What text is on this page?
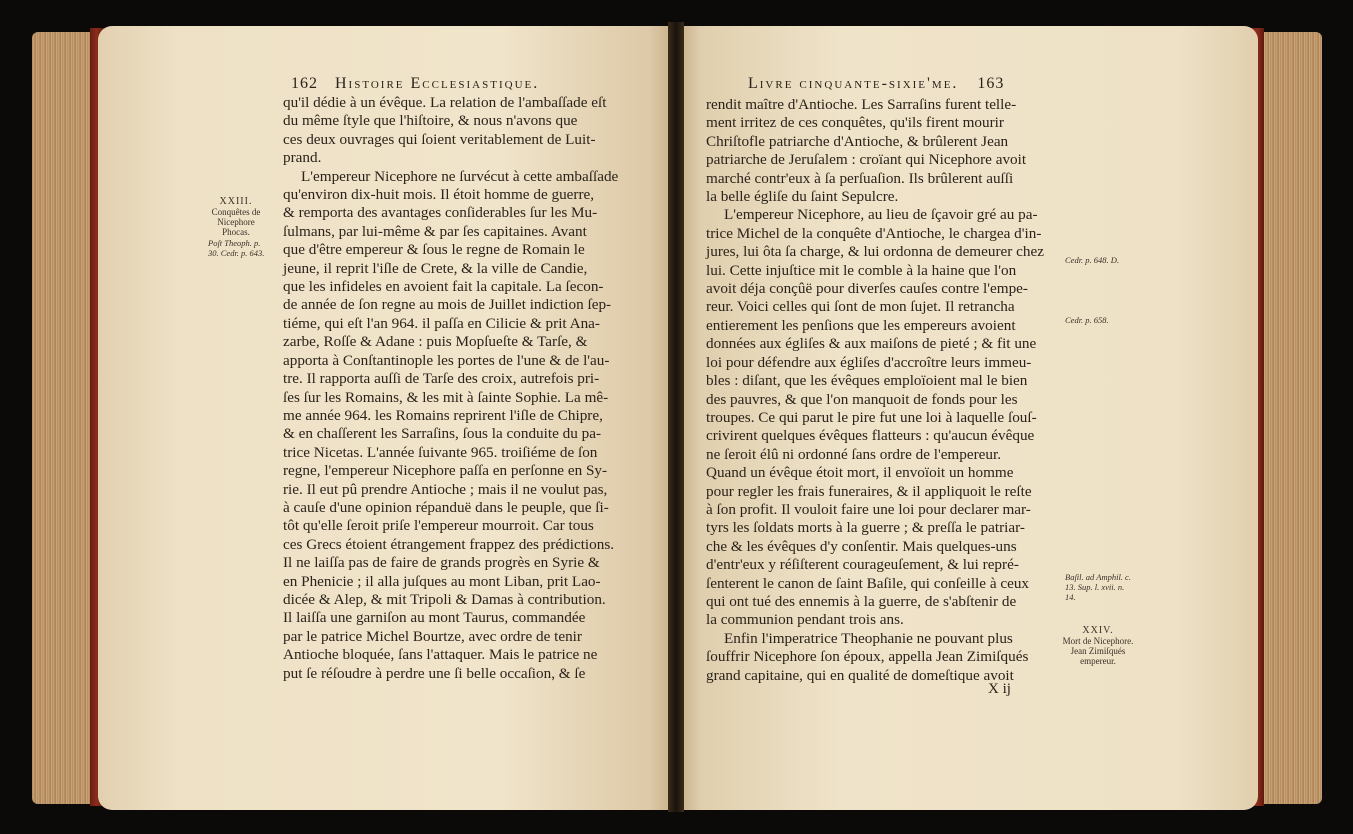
162 Histoire Ecclesiastique.

qu'il dédie à un évêque. La relation de l'ambaſſade eſt

du même ſtyle que l'hiſtoire, & nous n'avons que

ces deux ouvrages qui ſoient veritablement de Luit-

prand.

L'empereur Nicephore ne ſurvécut à cette ambaſſade

qu'environ dix-huit mois. Il étoit homme de guerre,

& remporta des avantages conſiderables ſur les Mu-

ſulmans, par lui-même & par ſes capitaines. Avant

que d'être empereur & ſous le regne de Romain le

jeune, il reprit l'iſle de Crete, & la ville de Candie,

que les infideles en avoient fait la capitale. La ſecon-

de année de ſon regne au mois de Juillet indiction ſep-

tiéme, qui eſt l'an 964. il paſſa en Cilicie & prit Ana-

zarbe, Roſſe & Adane : puis Mopſueſte & Tarſe, &

apporta à Conſtantinople les portes de l'une & de l'au-

tre. Il rapporta auſſi de Tarſe des croix, autrefois pri-

ſes ſur les Romains, & les mit à ſainte Sophie. La mê-

me année 964. les Romains reprirent l'iſle de Chipre,

& en chaſſerent les Sarraſins, ſous la conduite du pa-

trice Nicetas. L'année ſuivante 965. troiſiéme de ſon

regne, l'empereur Nicephore paſſa en perſonne en Sy-

rie. Il eut pû prendre Antioche ; mais il ne voulut pas,

à cauſe d'une opinion répanduë dans le peuple, que ſi-

tôt qu'elle ſeroit priſe l'empereur mourroit. Car tous

ces Grecs étoient étrangement frappez des prédictions.

Il ne laiſſa pas de faire de grands progrès en Syrie &

en Phenicie ; il alla juſques au mont Liban, prit Lao-

dicée & Alep, & mit Tripoli & Damas à contribution.

Il laiſſa une garniſon au mont Taurus, commandée

par le patrice Michel Bourtze, avec ordre de tenir

Antioche bloquée, ſans l'attaquer. Mais le patrice ne

put ſe réſoudre à perdre une ſi belle occaſion, & ſe

XXIII.
Conquêtes de Nicephore Phocas.
Poſt Theoph. p. 30. Cedr. p. 643.
Livre cinquante-sixie'me. 163

rendit maître d'Antioche. Les Sarraſins furent telle-

ment irritez de ces conquêtes, qu'ils firent mourir

Chriſtofle patriarche d'Antioche, & brûlerent Jean

patriarche de Jeruſalem : croïant qui Nicephore avoit

marché contr'eux à ſa perſuaſion. Ils brûlerent auſſi

la belle égliſe du ſaint Sepulcre.

L'empereur Nicephore, au lieu de ſçavoir gré au pa-

trice Michel de la conquête d'Antioche, le chargea d'in-

jures, lui ôta ſa charge, & lui ordonna de demeurer chez

lui. Cette injuſtice mit le comble à la haine que l'on

avoit déja conçûë pour diverſes cauſes contre l'empe-

reur. Voici celles qui ſont de mon ſujet. Il retrancha

entierement les penſions que les empereurs avoient

données aux égliſes & aux maiſons de pieté ; & fit une

loi pour défendre aux égliſes d'accroître leurs immeu-

bles : diſant, que les évêques emploïoient mal le bien

des pauvres, & que l'on manquoit de fonds pour les

troupes. Ce qui parut le pire fut une loi à laquelle ſouſ-

crivirent quelques évêques flatteurs : qu'aucun évêque

ne ſeroit élû ni ordonné ſans ordre de l'empereur.

Quand un évêque étoit mort, il envoïoit un homme

pour regler les frais funeraires, & il appliquoit le reſte

à ſon profit. Il vouloit faire une loi pour declarer mar-

tyrs les ſoldats morts à la guerre ; & preſſa le patriar-

che & les évêques d'y conſentir. Mais quelques-uns

d'entr'eux y réſiſterent courageuſement, & lui repré-

ſenterent le canon de ſaint Baſile, qui conſeille à ceux

qui ont tué des ennemis à la guerre, de s'abſtenir de

la communion pendant trois ans.

Enfin l'imperatrice Theophanie ne pouvant plus

ſouffrir Nicephore ſon époux, appella Jean Zimiſqués

grand capitaine, qui en qualité de domeſtique avoit

Cedr. p. 648. D.
Cedr. p. 658.
Baſil. ad Amphil. c. 13. Sup. l. xvii. n. 14.
XXIV.
Mort de Nicephore. Jean Zimiſqués empereur.
X ij
